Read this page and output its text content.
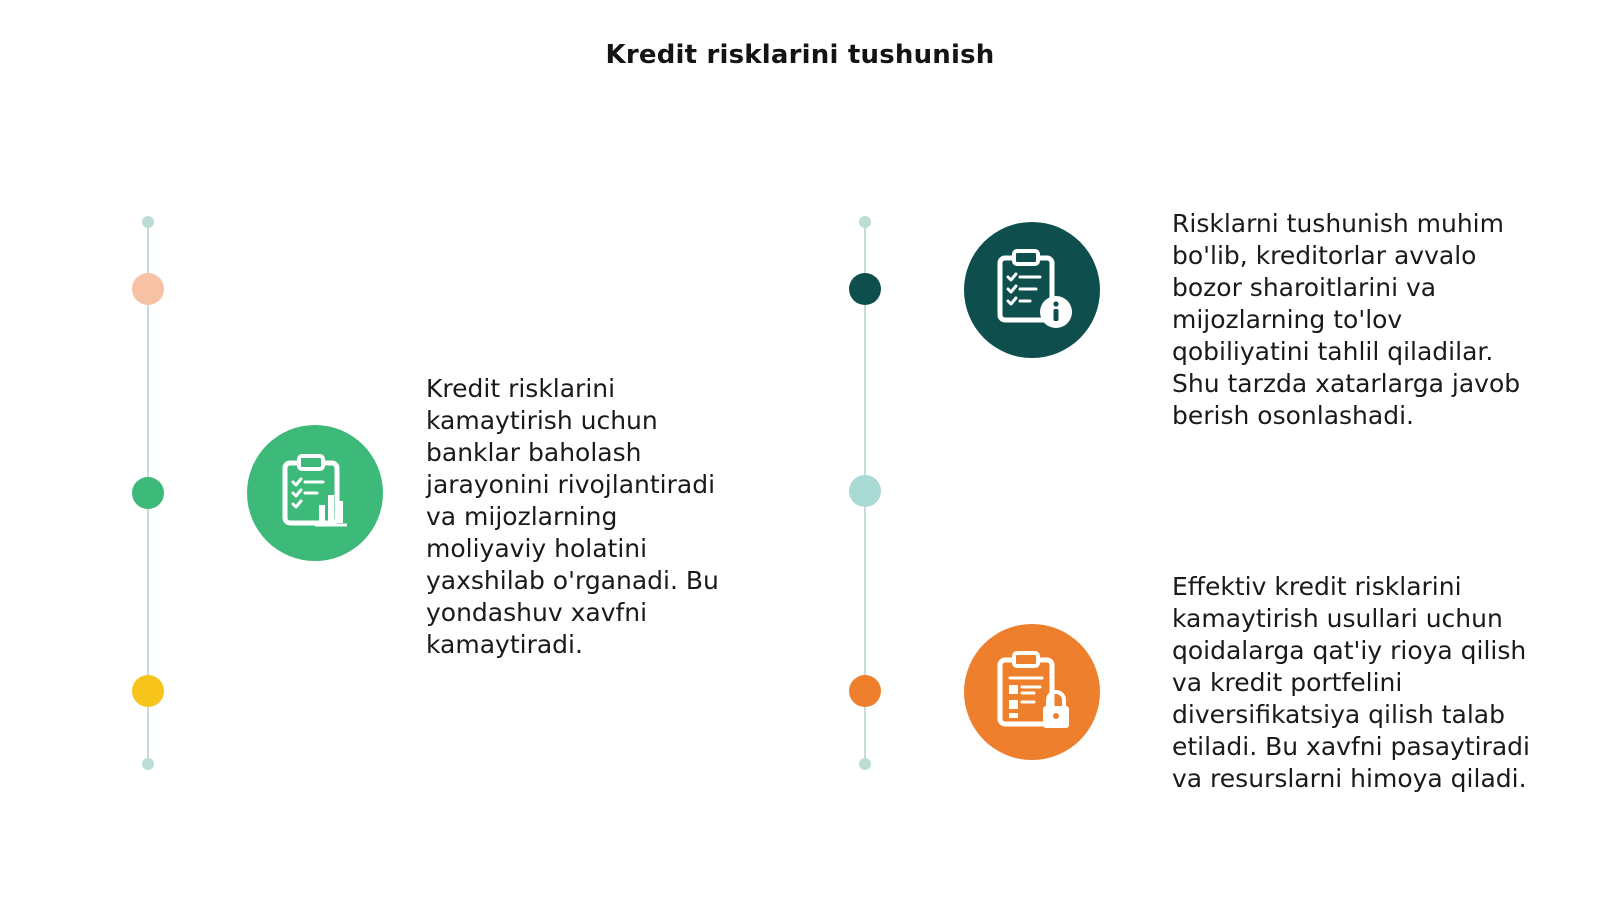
Kredit risklarini tushunish
Kredit risklarini
kamaytirish uchun
banklar baholash
jarayonini rivojlantiradi
va mijozlarning
moliyaviy holatini
yaxshilab o'rganadi. Bu
yondashuv xavfni
kamaytiradi.
Risklarni tushunish muhim
bo'lib, kreditorlar avvalo
bozor sharoitlarini va
mijozlarning to'lov
qobiliyatini tahlil qiladilar.
Shu tarzda xatarlarga javob
berish osonlashadi.
Effektiv kredit risklarini
kamaytirish usullari uchun
qoidalarga qat'iy rioya qilish
va kredit portfelini
diversifikatsiya qilish talab
etiladi. Bu xavfni pasaytiradi
va resurslarni himoya qiladi.
